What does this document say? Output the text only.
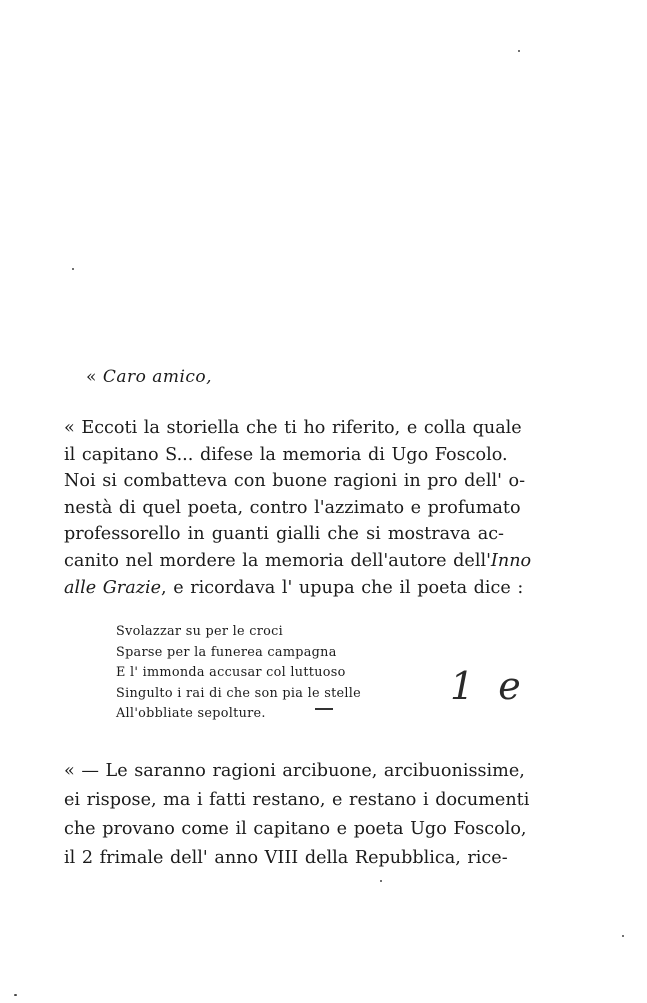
« Caro amico,
« Eccoti la storiella che ti ho riferito, e colla quale
il capitano S... difese la memoria di Ugo Foscolo.
Noi si combatteva con buone ragioni in pro dell' o-
nestà di quel poeta, contro l'azzimato e profumato
professorello in guanti gialli che si mostrava ac-
canito nel mordere la memoria dell'autore dell'Inno
alle Grazie, e ricordava l' upupa che il poeta dice :
Svolazzar su per le croci
Sparse per la funerea campagna
E l' immonda accusar col luttuoso
Singulto i rai di che son pia le stelle
All'obbliate sepolture.
1 e
« — Le saranno ragioni arcibuone, arcibuonissime,
ei rispose, ma i fatti restano, e restano i documenti
che provano come il capitano e poeta Ugo Foscolo,
il 2 frimale dell' anno VIII della Repubblica, rice-
